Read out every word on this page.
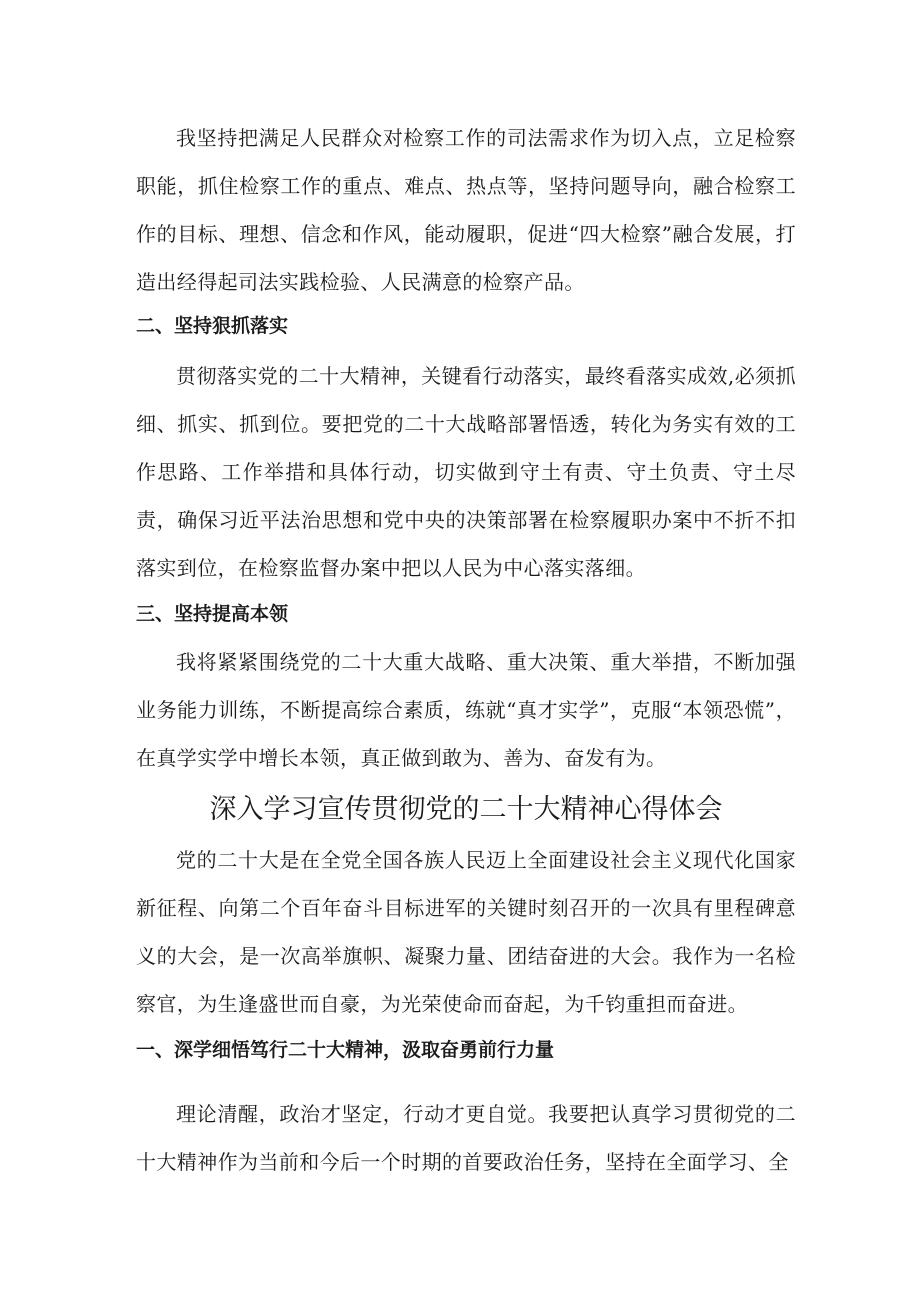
我坚持把满足人民群众对检察工作的司法需求作为切入点，立足检察职能，抓住检察工作的重点、难点、热点等，坚持问题导向，融合检察工作的目标、理想、信念和作风，能动履职，促进“四大检察”融合发展，打造出经得起司法实践检验、人民满意的检察产品。

二、坚持狠抓落实

贯彻落实党的二十大精神，关键看行动落实，最终看落实成效,必须抓细、抓实、抓到位。要把党的二十大战略部署悟透，转化为务实有效的工作思路、工作举措和具体行动，切实做到守土有责、守土负责、守土尽责，确保习近平法治思想和党中央的决策部署在检察履职办案中不折不扣落实到位，在检察监督办案中把以人民为中心落实落细。

三、坚持提高本领

我将紧紧围绕党的二十大重大战略、重大决策、重大举措，不断加强业务能力训练，不断提高综合素质，练就“真才实学”，克服“本领恐慌”，在真学实学中增长本领，真正做到敢为、善为、奋发有为。

深入学习宣传贯彻党的二十大精神心得体会

党的二十大是在全党全国各族人民迈上全面建设社会主义现代化国家新征程、向第二个百年奋斗目标进军的关键时刻召开的一次具有里程碑意义的大会，是一次高举旗帜、凝聚力量、团结奋进的大会。我作为一名检察官，为生逢盛世而自豪，为光荣使命而奋起，为千钧重担而奋进。

一、深学细悟笃行二十大精神，汲取奋勇前行力量

理论清醒，政治才坚定，行动才更自觉。我要把认真学习贯彻党的二十大精神作为当前和今后一个时期的首要政治任务，坚持在全面学习、全
